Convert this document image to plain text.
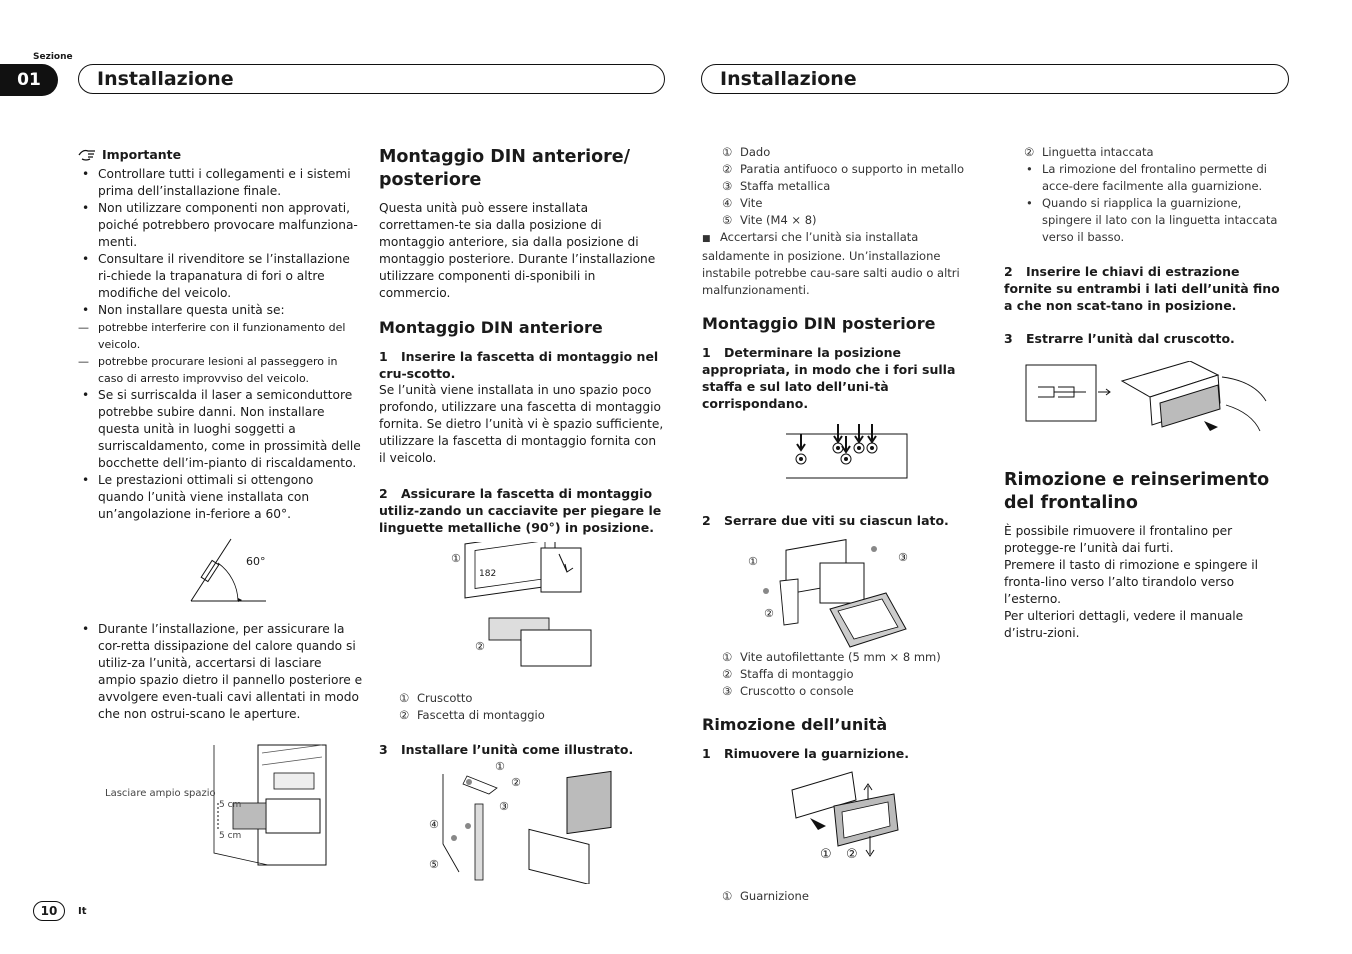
Sezione
01	Installazione	Installazione
Importante
• Controllare tutti i collegamenti e i sistemi prima dell’installazione finale.
• Non utilizzare componenti non approvati, poiché potrebbero provocare malfunziona-menti.
• Consultare il rivenditore se l’installazione ri-chiede la trapanatura di fori o altre modifiche del veicolo.
• Non installare questa unità se:
— potrebbe interferire con il funzionamento del veicolo.
— potrebbe procurare lesioni al passeggero in caso di arresto improvviso del veicolo.
• Se si surriscalda il laser a semiconduttore potrebbe subire danni. Non installare questa unità in luoghi soggetti a surriscaldamento, come in prossimità delle bocchette dell’im-pianto di riscaldamento.
• Le prestazioni ottimali si ottengono quando l’unità viene installata con un’angolazione in-feriore a 60°.
60°
• Durante l’installazione, per assicurare la cor-retta dissipazione del calore quando si utiliz-za l’unità, accertarsi di lasciare ampio spazio dietro il pannello posteriore e avvolgere even-tuali cavi allentati in modo che non ostrui-scano le aperture.
Lasciare ampio spazio
5 cm
5 cm
Montaggio DIN anteriore/ posteriore

Questa unità può essere installata correttamen-te sia dalla posizione di montaggio anteriore, sia dalla posizione di montaggio posteriore. Durante l’installazione utilizzare componenti di-sponibili in commercio.

Montaggio DIN anteriore
1 Inserire la fascetta di montaggio nel cru-scotto.

Se l’unità viene installata in uno spazio poco profondo, utilizzare una fascetta di montaggio fornita. Se dietro l’unità vi è spazio sufficiente, utilizzare la fascetta di montaggio fornita con il veicolo.

2 Assicurare la fascetta di montaggio utiliz-zando un cacciavite per piegare le linguette metalliche (90°) in posizione.
①
182
②
① Cruscotto
② Fascetta di montaggio
3 Installare l’unità come illustrato.
①
②
③
④
⑤
① Dado
② Paratia antifuoco o supporto in metallo
③ Staffa metallica
④ Vite
⑤ Vite (M4 × 8)

■ Accertarsi che l’unità sia installata saldamente in posizione. Un’installazione instabile potrebbe cau-sare salti audio o altri malfunzionamenti.

Montaggio DIN posteriore
1 Determinare la posizione appropriata, in modo che i fori sulla staffa e sul lato dell’uni-tà corrispondano.
2 Serrare due viti su ciascun lato.
①
②
③
① Vite autofilettante (5 mm × 8 mm)
② Staffa di montaggio
③ Cruscotto o console
Rimozione dell’unità
1 Rimuovere la guarnizione.
① ②
① Guarnizione
② Linguetta intaccata
• La rimozione del frontalino permette di acce-dere facilmente alla guarnizione.
• Quando si riapplica la guarnizione, spingere il lato con la linguetta intaccata verso il basso.
2 Inserire le chiavi di estrazione fornite su entrambi i lati dell’unità fino a che non scat-tano in posizione.
3 Estrarre l’unità dal cruscotto.
Rimozione e reinserimento del frontalino

È possibile rimuovere il frontalino per protegge-re l’unità dai furti.

Premere il tasto di rimozione e spingere il fronta-lino verso l’alto tirandolo verso l’esterno.

Per ulteriori dettagli, vedere il manuale d’istru-zioni.

10	It
